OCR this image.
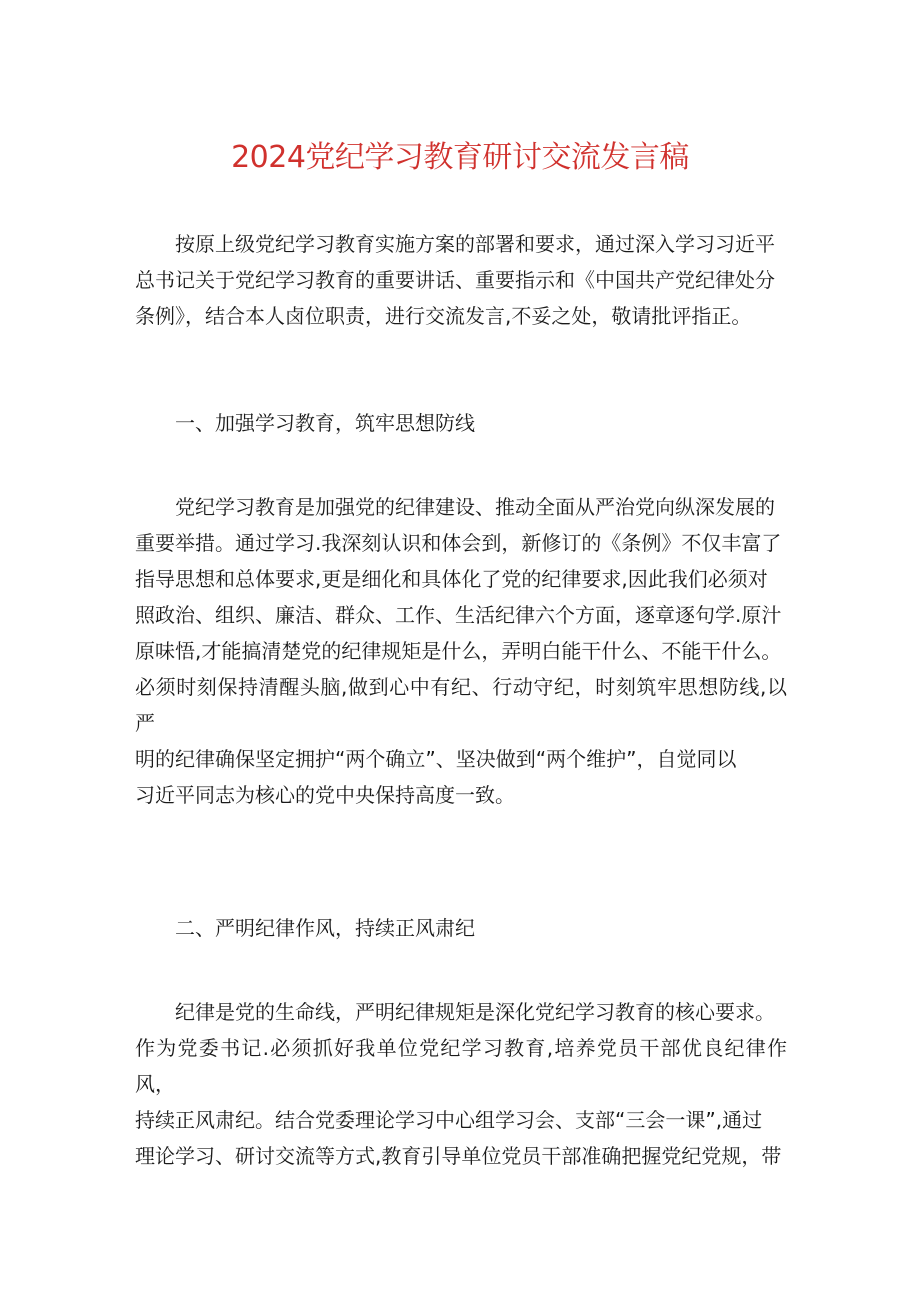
2024党纪学习教育研讨交流发言稿

按原上级党纪学习教育实施方案的部署和要求，通过深入学习习近平
总书记关于党纪学习教育的重要讲话、重要指示和《中国共产党纪律处分
条例》，结合本人卤位职责，进行交流发言,不妥之处，敬请批评指正。

一、加强学习教育，筑牢思想防线

党纪学习教育是加强党的纪律建设、推动全面从严治党向纵深发展的
重要举措。通过学习.我深刻认识和体会到，新修订的《条例》不仅丰富了
指导思想和总体要求,更是细化和具体化了党的纪律要求,因此我们必须对
照政治、组织、廉洁、群众、工作、生活纪律六个方面，逐章逐句学.原汁
原味悟,才能搞清楚党的纪律规矩是什么，弄明白能干什么、不能干什么。
必须时刻保持清醒头脑,做到心中有纪、行动守纪，时刻筑牢思想防线,以严
明的纪律确保坚定拥护“两个确立”、坚决做到“两个维护”，自觉同以
习近平同志为核心的党中央保持高度一致。

二、严明纪律作风，持续正风肃纪

纪律是党的生命线，严明纪律规矩是深化党纪学习教育的核心要求。
作为党委书记.必须抓好我单位党纪学习教育,培养党员干部优良纪律作风，
持续正风肃纪。结合党委理论学习中心组学习会、支部“三会一课”,通过
理论学习、研讨交流等方式,教育引导单位党员干部准确把握党纪党规，带
